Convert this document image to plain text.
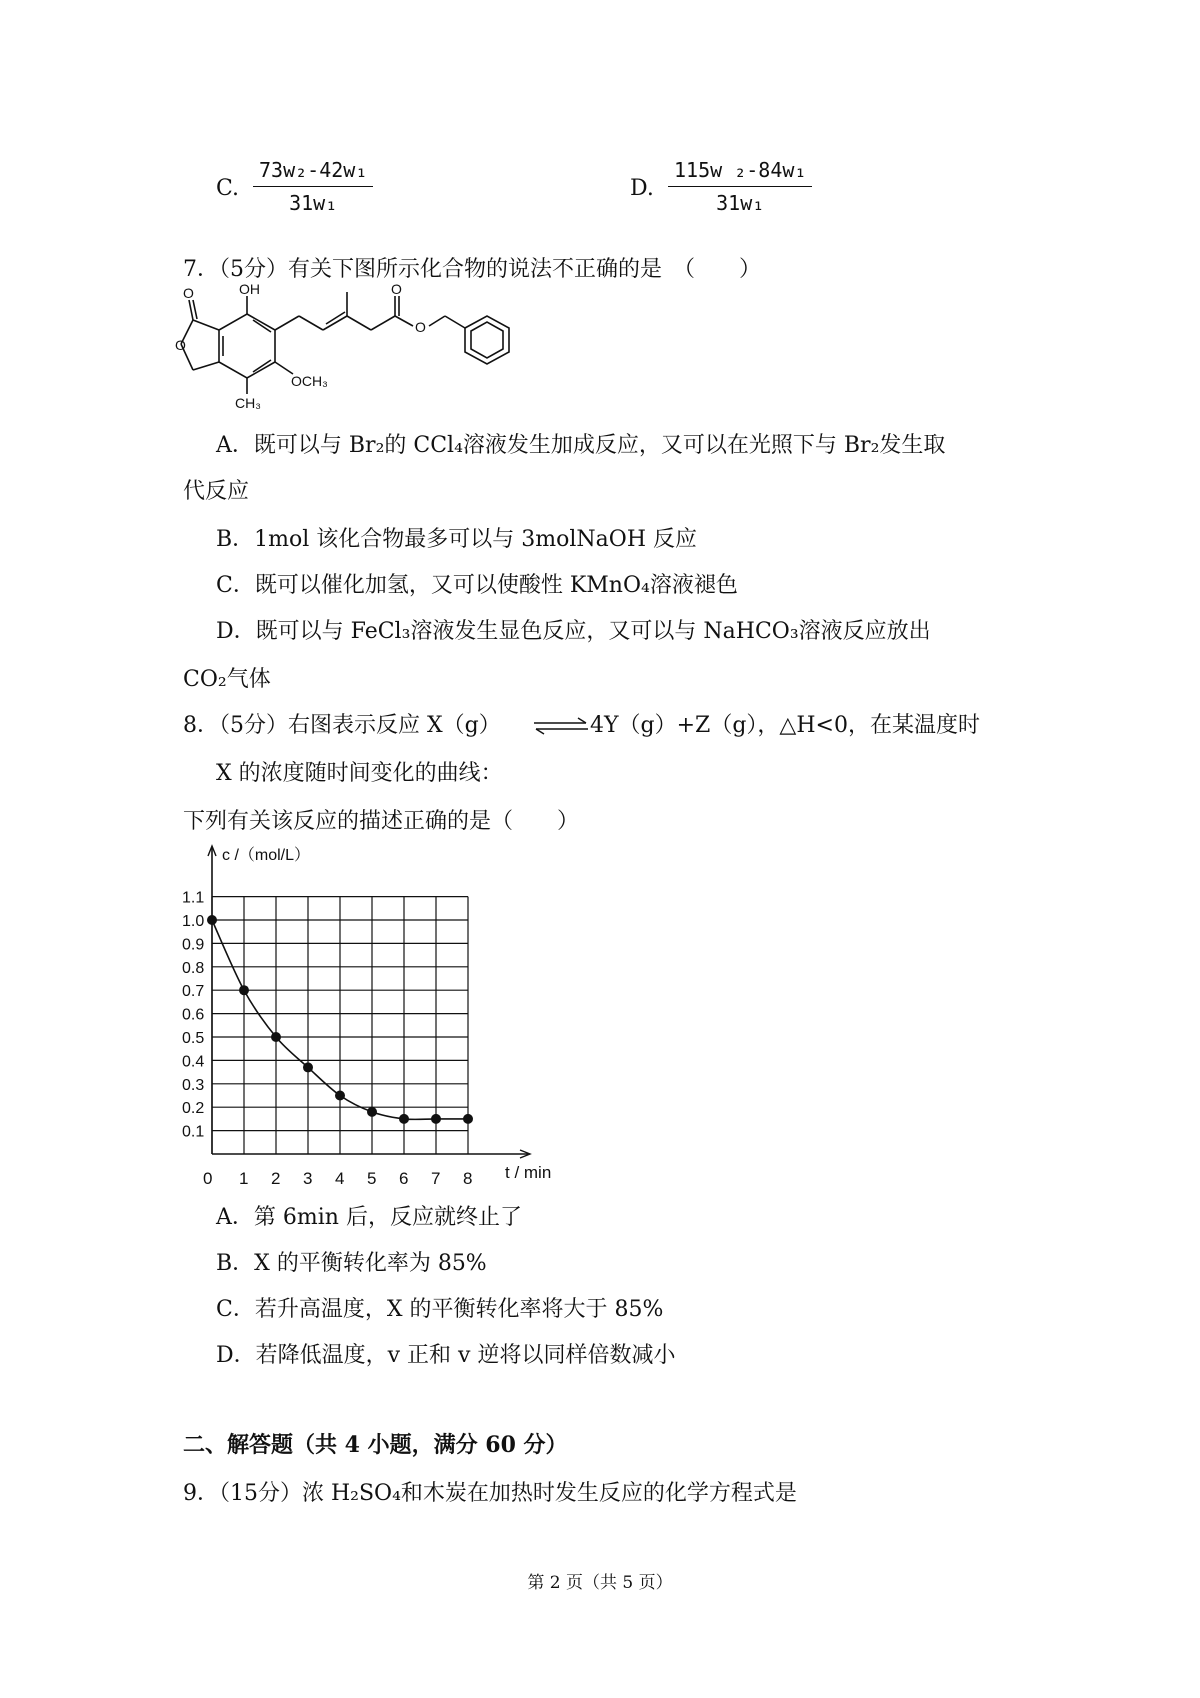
C. $\frac{\text{73w₂-42w₁}}{\text{31w₁}}$	D. $\frac{\text{115w ₂-84w₁}}{\text{31w₁}}$
7．（5分）有关下图所示化合物的说法不正确的是　（　　）
OH
O
O
OCH₃
CH₃
O
O
A．既可以与 Br₂的 CCl₄溶液发生加成反应，又可以在光照下与 Br₂发生取
代反应
B．1mol 该化合物最多可以与 3molNaOH 反应
C．既可以催化加氢，又可以使酸性 KMnO₄溶液褪色
D．既可以与 FeCl₃溶液发生显色反应，又可以与 NaHCO₃溶液反应放出
CO₂气体
8．（5分）右图表示反应 X（g） ⇌ 4Y（g）+Z（g），△H<0，在某温度时
X 的浓度随时间变化的曲线：
下列有关该反应的描述正确的是（　　）
0.1
0.2
0.3
0.4
0.5
0.6
0.7
0.8
0.9
1.0
1.1
0 1 2 3 4 5 6 7 8
c /（mol/L）
t / min
A．第 6min 后，反应就终止了
B．X 的平衡转化率为 85%
C．若升高温度，X 的平衡转化率将大于 85%
D．若降低温度，v 正和 v 逆将以同样倍数减小
二、解答题（共 4 小题，满分 60 分）
9．（15分）浓 H₂SO₄和木炭在加热时发生反应的化学方程式是
第 2 页（共 5 页）
